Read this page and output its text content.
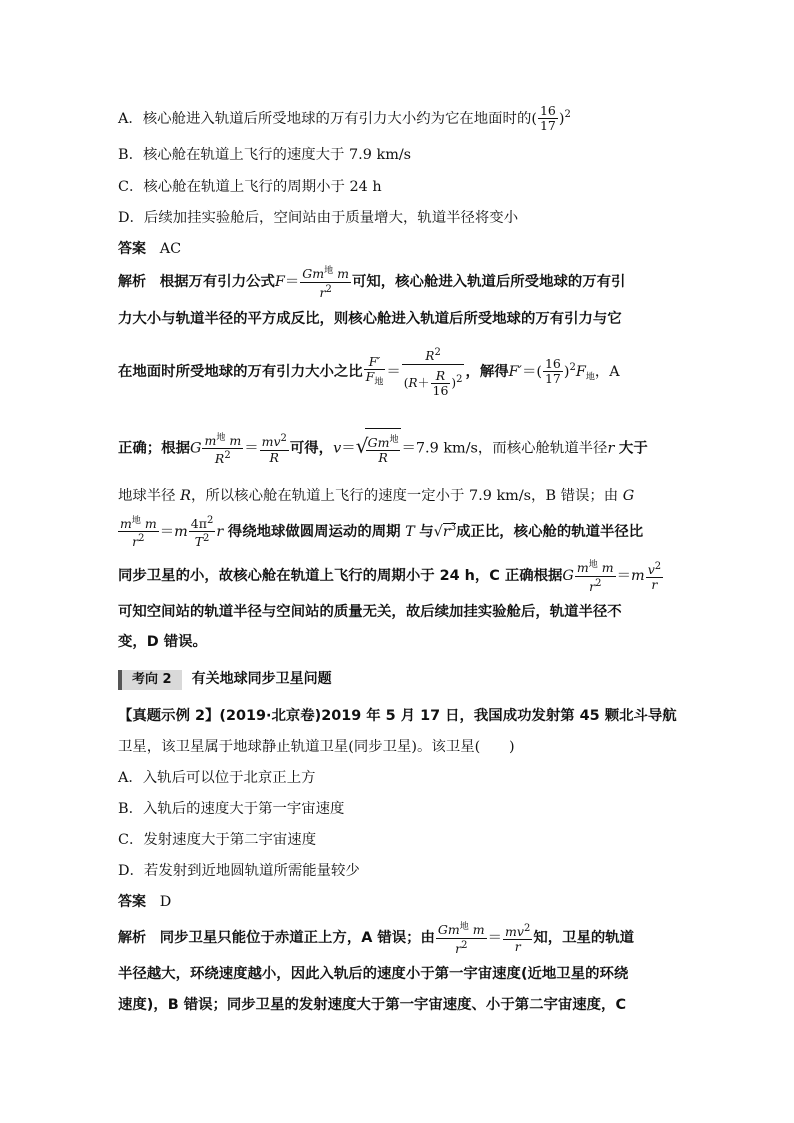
A．核心舱进入轨道后所受地球的万有引力大小约为它在地面时的( $\frac{16}{17} )^2$
B．核心舱在轨道上飞行的速度大于 7.9 km/s
C．核心舱在轨道上飞行的周期小于 24 h
D．后续加挂实验舱后，空间站由于质量增大，轨道半径将变小
答案 AC
解析 根据万有引力公式$F= \frac{Gm^地 m}{r^2}$ 可知，核心舱进入轨道后所受地球的万有引
力大小与轨道半径的平方成反比，则核心舱进入轨道后所受地球的万有引力与它
在地面时所受地球的万有引力大小之比 $\frac{F'}{F_地} = \frac{R^2}{(R+ \frac{R}{16} )^2}$ ，解得$F'=( \frac{16}{17} )^2F_地$，A
正确；根据G $\frac{m^地 m}{R^2} = \frac{mv^2}{R}$ 可得，v＝ √
$\frac{Gm^地}{R} =7.9$ km/s，而核心舱轨道半径r 大于
地球半径 R，所以核心舱在轨道上飞行的速度一定小于 7.9 km/s，B 错误；由 G
$\frac{m^地 m}{r^2} =m \frac{4\pi^2}{T^2}$ r 得绕地球做圆周运动的周期 T 与$√r^3$成正比，核心舱的轨道半径比
同步卫星的小，故核心舱在轨道上飞行的周期小于 24 h，C 正确根据G $\frac{m^地 m}{r^2} =m \frac{v^2}{r}$
可知空间站的轨道半径与空间站的质量无关，故后续加挂实验舱后，轨道半径不
变，D 错误。
考向 2 有关地球同步卫星问题
【真题示例 2】(2019·北京卷)2019 年 5 月 17 日，我国成功发射第 45 颗北斗导航
卫星，该卫星属于地球静止轨道卫星(同步卫星)。该卫星(　　)
A．入轨后可以位于北京正上方
B．入轨后的速度大于第一宇宙速度
C．发射速度大于第二宇宙速度
D．若发射到近地圆轨道所需能量较少
答案 D
解析 同步卫星只能位于赤道正上方，A 错误；由 $\frac{Gm^地 m}{r^2} = \frac{mv^2}{r}$ 知，卫星的轨道
半径越大，环绕速度越小，因此入轨后的速度小于第一宇宙速度(近地卫星的环绕
速度)，B 错误；同步卫星的发射速度大于第一宇宙速度、小于第二宇宙速度，C
